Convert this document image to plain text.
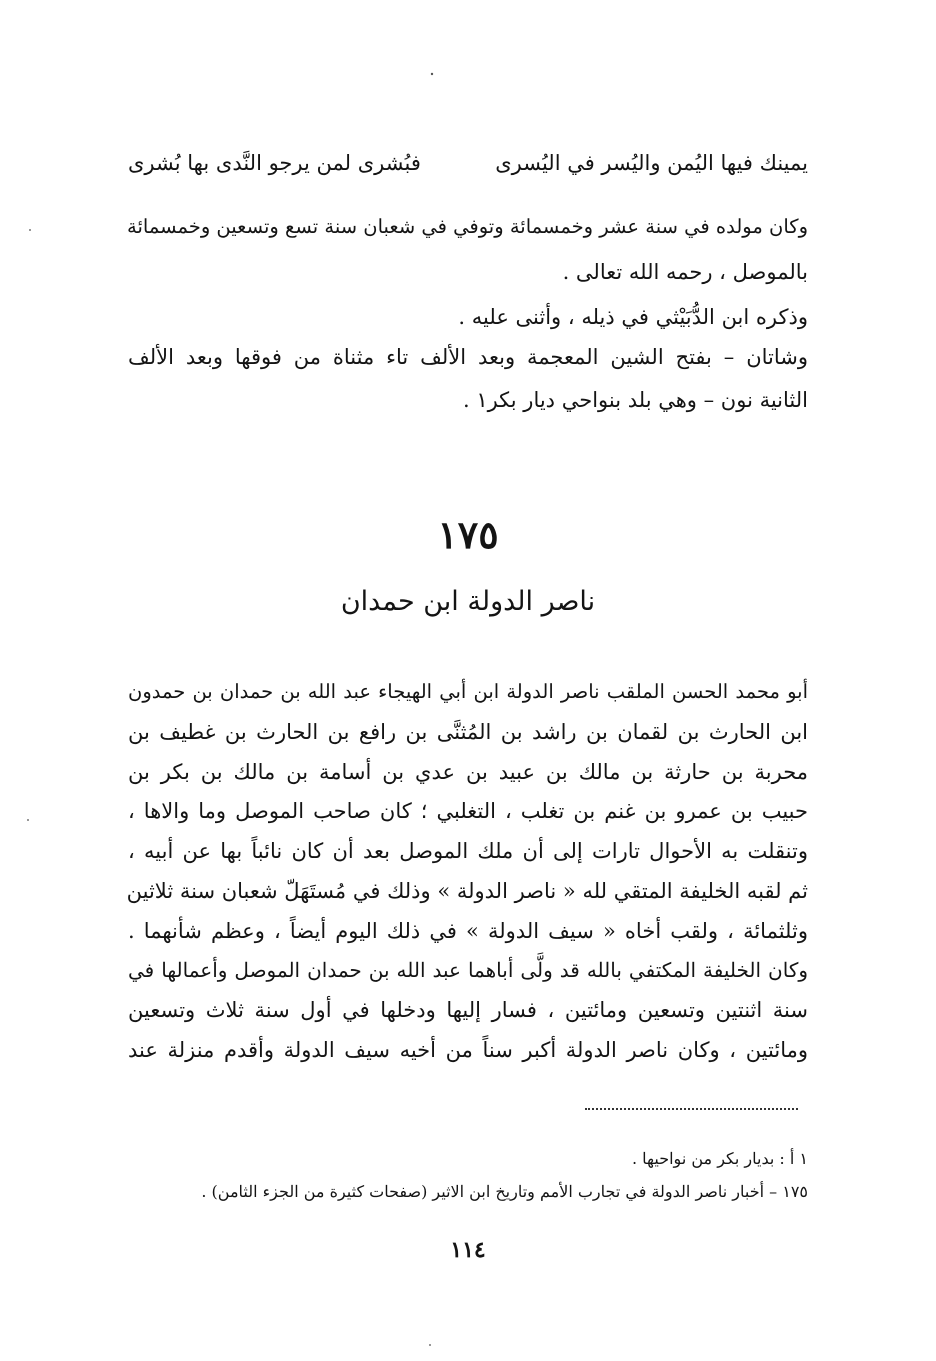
يمينك فيها اليُمن واليُسر في اليُسرى
فبُشرى لمن يرجو النَّدى بها بُشرى
وكان مولده في سنة عشر وخمسمائة وتوفي في شعبان سنة تسع وتسعين وخمسمائة
بالموصل ، رحمه الله تعالى .
وذكره ابن الدُّبَيْثي في ذيله ، وأثنى عليه .
وشاتان – بفتح الشين المعجمة وبعد الألف تاء مثناة من فوقها وبعد الألف
الثانية نون – وهي بلد بنواحي ديار بكر١ .
١٧٥
ناصر الدولة ابن حمدان
أبو محمد الحسن الملقب ناصر الدولة ابن أبي الهيجاء عبد الله بن حمدان بن حمدون
ابن الحارث بن لقمان بن راشد بن المُثنَّى بن رافع بن الحارث بن غطيف بن
محربة بن حارثة بن مالك بن عبيد بن عدي بن أسامة بن مالك بن بكر بن
حبيب بن عمرو بن غنم بن تغلب ، التغلبي ؛ كان صاحب الموصل وما والاها ،
وتنقلت به الأحوال تارات إلى أن ملك الموصل بعد أن كان نائباً بها عن أبيه ،
ثم لقبه الخليفة المتقي لله « ناصر الدولة » وذلك في مُستَهَلّ شعبان سنة ثلاثين
وثلثمائة ، ولقب أخاه « سيف الدولة » في ذلك اليوم أيضاً ، وعظم شأنهما .
وكان الخليفة المكتفي بالله قد ولَّى أباهما عبد الله بن حمدان الموصل وأعمالها في
سنة اثنتين وتسعين ومائتين ، فسار إليها ودخلها في أول سنة ثلاث وتسعين
ومائتين ، وكان ناصر الدولة أكبر سناً من أخيه سيف الدولة وأقدم منزلة عند
١ أ : بديار بكر من نواحيها .
١٧٥ – أخبار ناصر الدولة في تجارب الأمم وتاريخ ابن الاثير (صفحات كثيرة من الجزء الثامن) .
١١٤
